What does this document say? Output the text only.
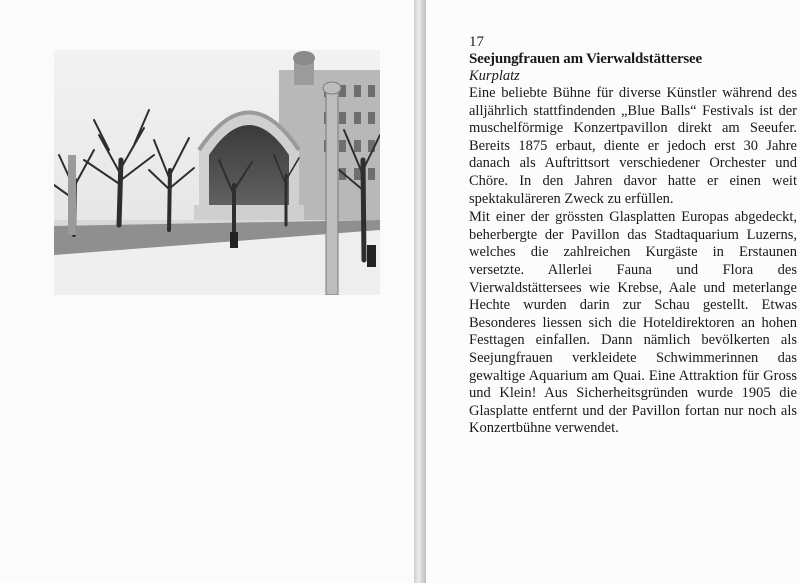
17
Seejungfrauen am Vierwaldstättersee
Kurplatz

Eine beliebte Bühne für diverse Künstler während des alljährlich stattfindenden „Blue Balls“ Festivals ist der muschelförmige Konzertpavillon direkt am Seeufer. Bereits 1875 erbaut, diente er jedoch erst 30 Jahre danach als Auftrittsort verschiedener Orchester und Chöre. In den Jahren davor hatte er einen weit spektakuläreren Zweck zu erfüllen.

Mit einer der grössten Glasplatten Europas abgedeckt, beherbergte der Pavillon das Stadtaquarium Luzerns, welches die zahlreichen Kurgäste in Erstaunen versetzte. Allerlei Fauna und Flora des Vierwaldstättersees wie Krebse, Aale und meterlange Hechte wurden darin zur Schau gestellt. Etwas Besonderes liessen sich die Hoteldirektoren an hohen Festtagen einfallen. Dann nämlich bevölkerten als Seejungfrauen verkleidete Schwimmerinnen das gewaltige Aquarium am Quai. Eine Attraktion für Gross und Klein! Aus Sicherheitsgründen wurde 1905 die Glasplatte entfernt und der Pavillon fortan nur noch als Konzertbühne verwendet.
